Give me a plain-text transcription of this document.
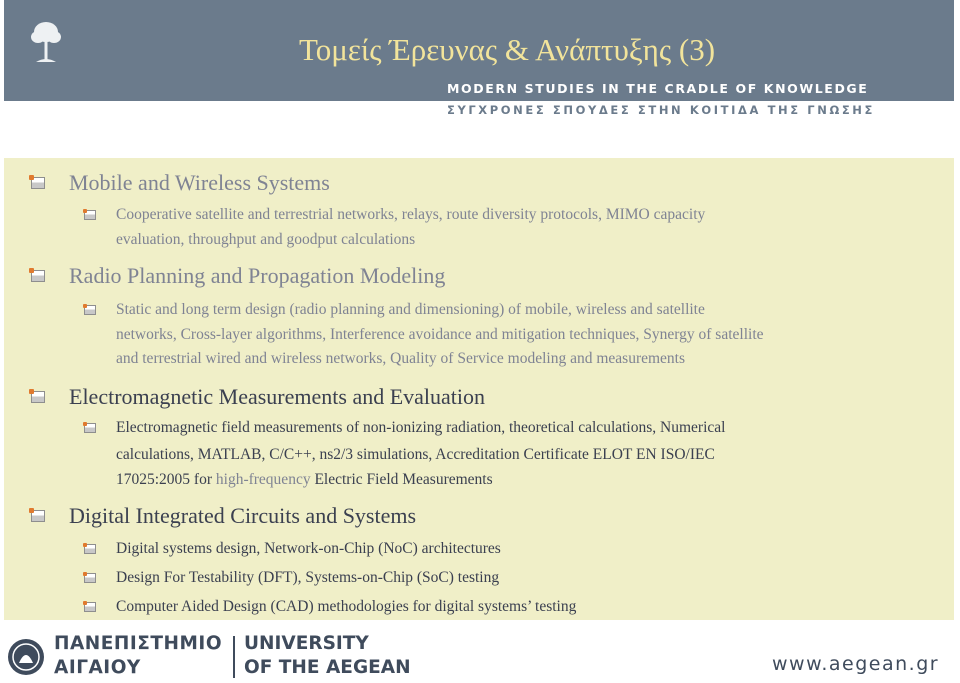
Τομείς Έρευνας & Ανάπτυξης (3)
MODERN STUDIES IN THE CRADLE OF KNOWLEDGE
ΣΥΓΧΡΟΝΕΣ ΣΠΟΥΔΕΣ ΣΤΗΝ ΚΟΙΤΙΔΑ ΤΗΣ ΓΝΩΣΗΣ
Mobile and Wireless Systems
Cooperative satellite and terrestrial networks, relays, route diversity protocols, MIMO capacity
evaluation, throughput and goodput calculations
Radio Planning and Propagation Modeling
Static and long term design (radio planning and dimensioning) of mobile, wireless and satellite
networks, Cross-layer algorithms, Interference avoidance and mitigation techniques, Synergy of satellite
and terrestrial wired and wireless networks, Quality of Service modeling and measurements
Electromagnetic Measurements and Evaluation
Electromagnetic field measurements of non-ionizing radiation, theoretical calculations, Numerical
calculations, MATLAB, C/C++, ns2/3 simulations, Accreditation Certificate ELOT EN ISO/IEC
17025:2005 for high-frequency Electric Field Measurements
Digital Integrated Circuits and Systems
Digital systems design, Network-on-Chip (NoC) architectures
Design For Testability (DFT), Systems-on-Chip (SoC) testing
Computer Aided Design (CAD) methodologies for digital systems’ testing
ΠΑΝΕΠΙΣΤΗΜΙΟ
ΑΙΓΑΙΟΥ
UNIVERSITY
OF THE AEGEAN	www.aegean.gr
